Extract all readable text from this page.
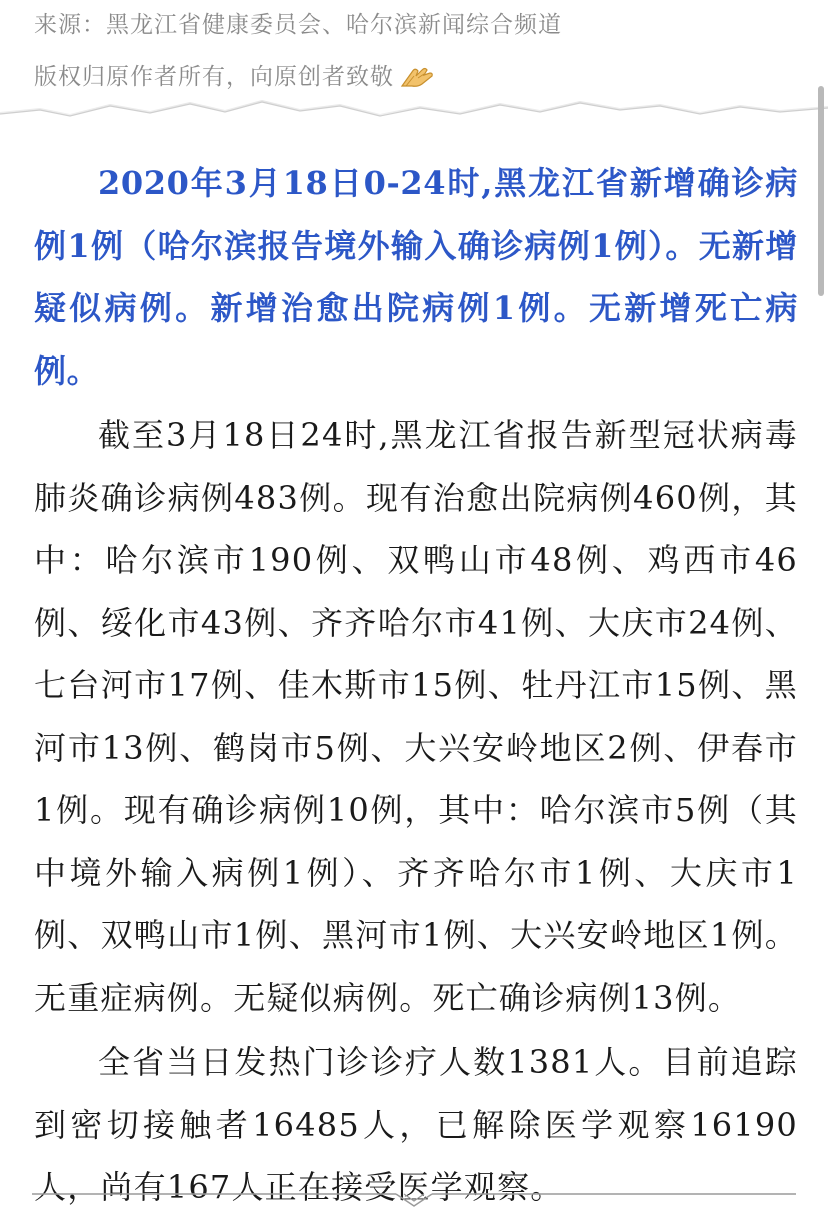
来源：黑龙江省健康委员会、哈尔滨新闻综合频道
版权归原作者所有，向原创者致敬

2020年3月18日0-24时,黑龙江省新增确诊病例1例（哈尔滨报告境外输入确诊病例1例）。无新增疑似病例。新增治愈出院病例1例。无新增死亡病例。

截至3月18日24时,黑龙江省报告新型冠状病毒肺炎确诊病例483例。现有治愈出院病例460例，其中：哈尔滨市190例、双鸭山市48例、鸡西市46例、绥化市43例、齐齐哈尔市41例、大庆市24例、七台河市17例、佳木斯市15例、牡丹江市15例、黑河市13例、鹤岗市5例、大兴安岭地区2例、伊春市1例。现有确诊病例10例，其中：哈尔滨市5例（其中境外输入病例1例）、齐齐哈尔市1例、大庆市1例、双鸭山市1例、黑河市1例、大兴安岭地区1例。无重症病例。无疑似病例。死亡确诊病例13例。

全省当日发热门诊诊疗人数1381人。目前追踪到密切接触者16485人，已解除医学观察16190人，尚有167人正在接受医学观察。
